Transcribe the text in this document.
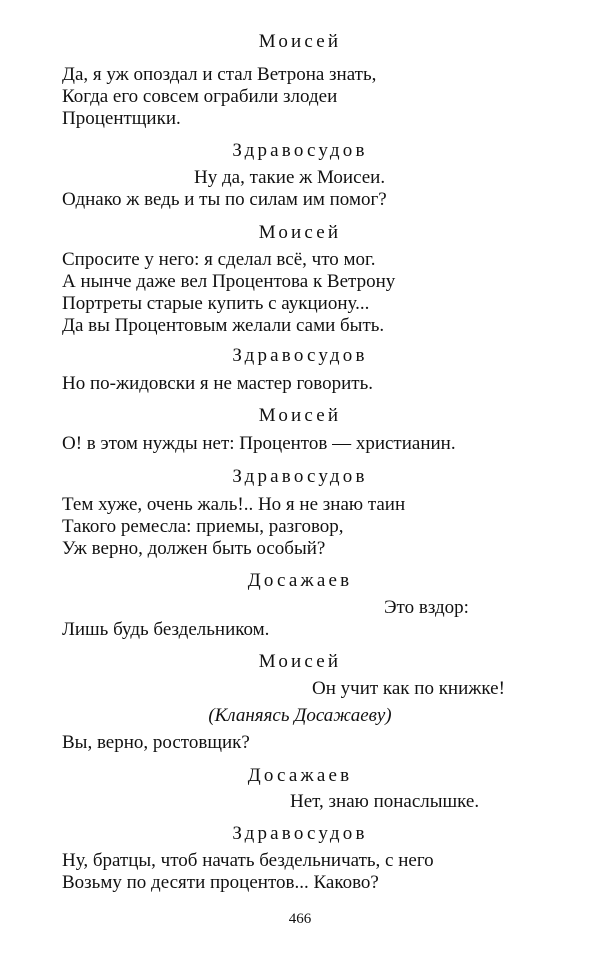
Моисей
Да, я уж опоздал и стал Ветрона знать,
Когда его совсем ограбили злодеи
Процентщики.
Здравосудов
Ну да, такие ж Моисеи.
Однако ж ведь и ты по силам им помог?
Моисей
Спросите у него: я сделал всё, что мог.
А нынче даже вел Процентова к Ветрону
Портреты старые купить с аукциону...
Да вы Процентовым желали сами быть.
Здравосудов
Но по-жидовски я не мастер говорить.
Моисей
О! в этом нужды нет: Процентов — христианин.
Здравосудов
Тем хуже, очень жаль!.. Но я не знаю таин
Такого ремесла: приемы, разговор,
Уж верно, должен быть особый?
Досажаев
Это вздор:
Лишь будь бездельником.
Моисей
Он учит как по книжке!
(Кланяясь Досажаеву)
Вы, верно, ростовщик?
Досажаев
Нет, знаю понаслышке.
Здравосудов
Ну, братцы, чтоб начать бездельничать, с него
Возьму по десяти процентов... Каково?
466
